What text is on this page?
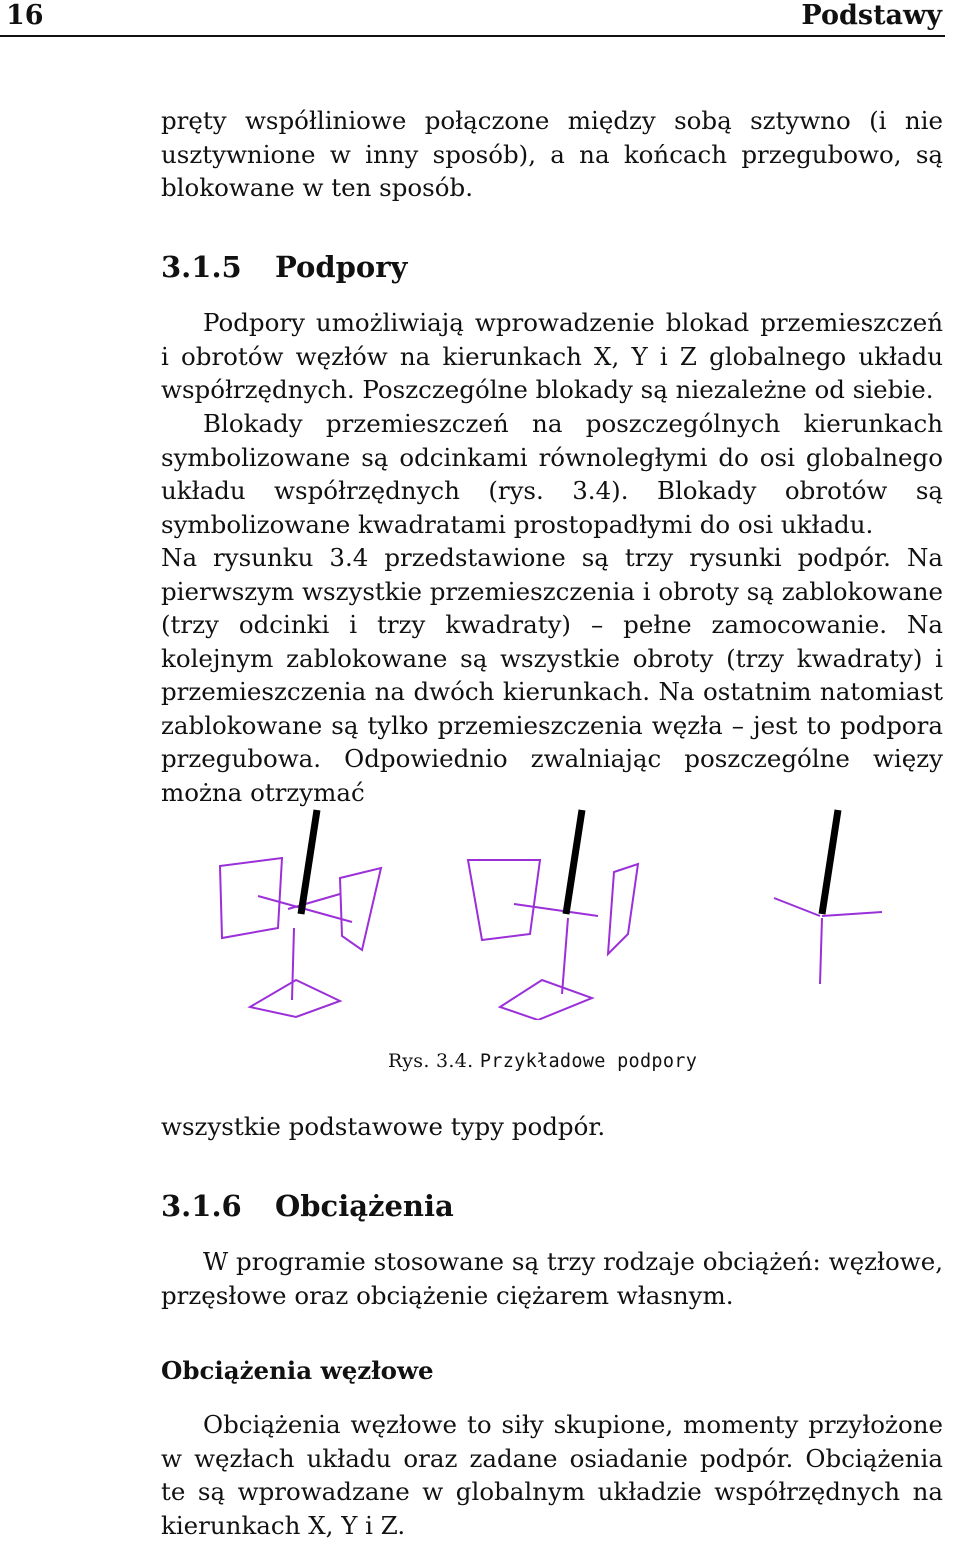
16	Podstawy

pręty współliniowe połączone między sobą sztywno (i nie usztywnione w inny sposób), a na końcach przegubowo, są blokowane w ten sposób.

3.1.5 Podpory

Podpory umożliwiają wprowadzenie blokad przemieszczeń i obrotów węzłów na kierunkach X, Y i Z globalnego układu współrzędnych. Poszczególne blokady są niezależne od siebie.

Blokady przemieszczeń na poszczególnych kierunkach symbolizowane są odcinkami równoległymi do osi globalnego układu współrzędnych (rys. 3.4). Blokady obrotów są symbolizowane kwadratami prostopadłymi do osi układu.

Na rysunku 3.4 przedstawione są trzy rysunki podpór. Na pierwszym wszystkie przemieszczenia i obroty są zablokowane (trzy odcinki i trzy kwadraty) – pełne zamocowanie. Na kolejnym zablokowane są wszystkie obroty (trzy kwadraty) i przemieszczenia na dwóch kierunkach. Na ostatnim natomiast zablokowane są tylko przemieszczenia węzła – jest to podpora przegubowa. Odpowiednio zwalniając poszczególne więzy można otrzymać

Rys. 3.4. Przykładowe podpory

wszystkie podstawowe typy podpór.

3.1.6 Obciążenia

W programie stosowane są trzy rodzaje obciążeń: węzłowe, przęsłowe oraz obciążenie ciężarem własnym.

Obciążenia węzłowe

Obciążenia węzłowe to siły skupione, momenty przyłożone w węzłach układu oraz zadane osiadanie podpór. Obciążenia te są wprowadzane w globalnym układzie współrzędnych na kierunkach X, Y i Z.
